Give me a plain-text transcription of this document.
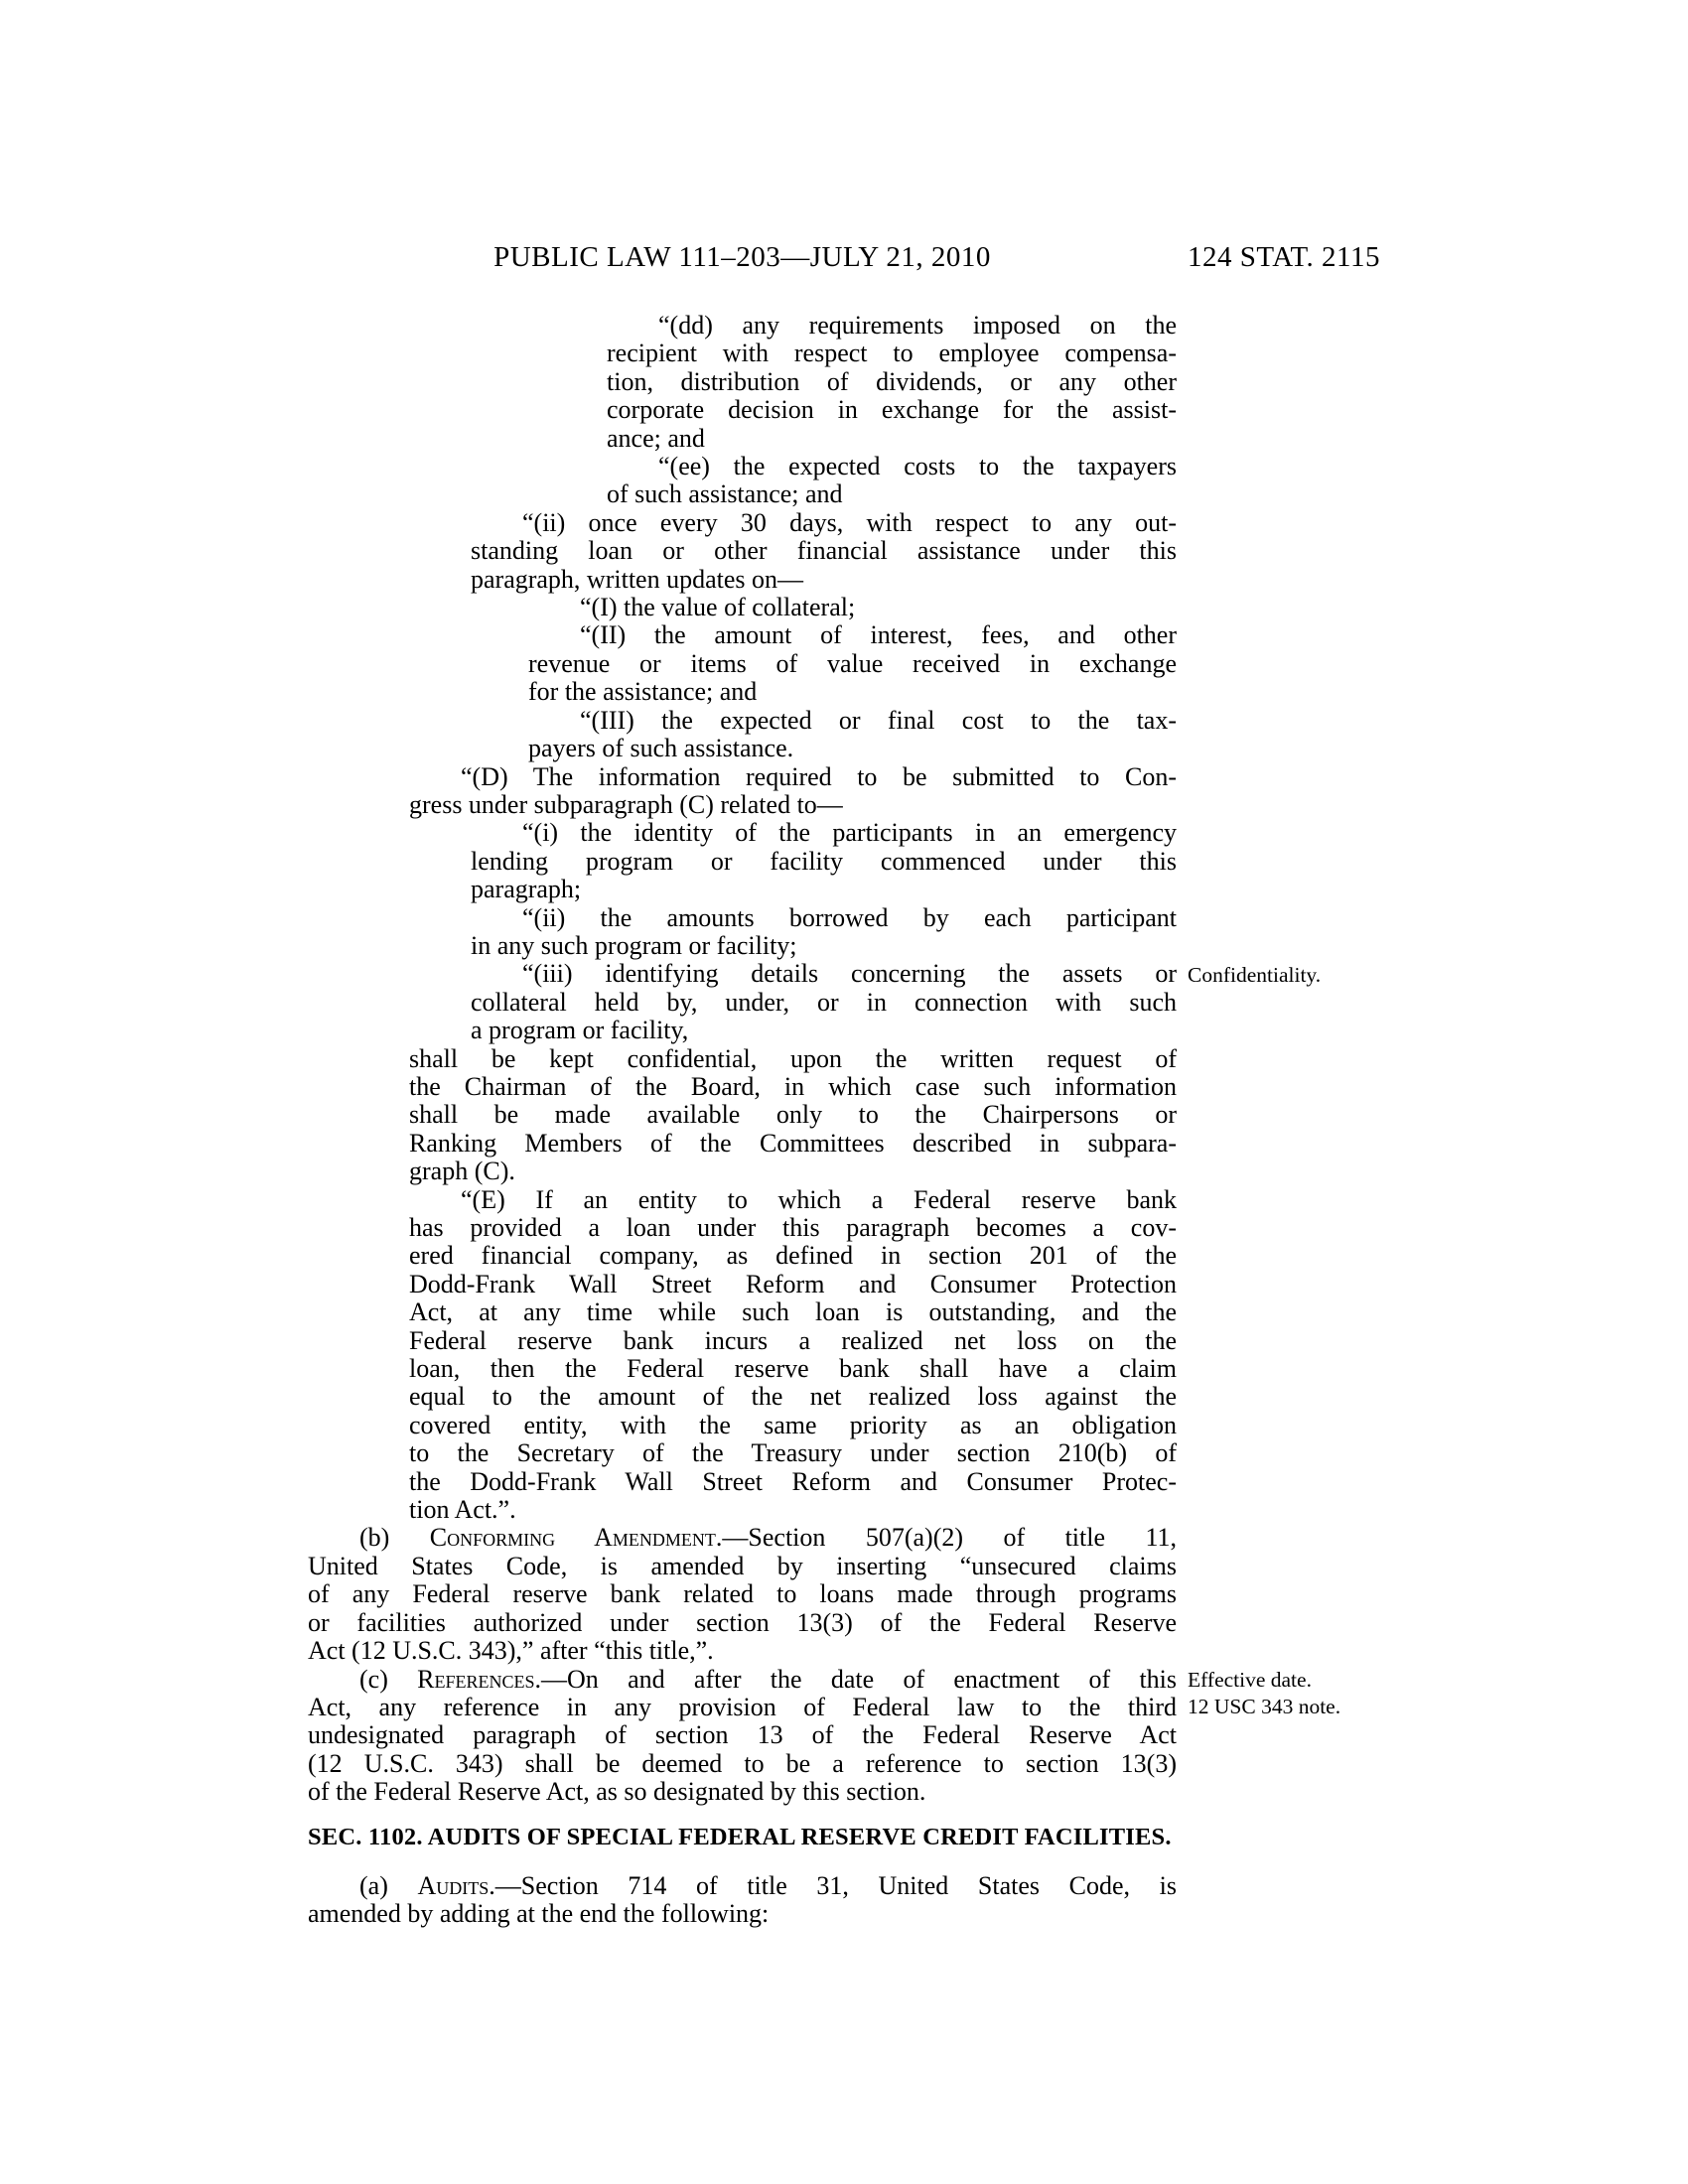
PUBLIC LAW 111–203—JULY 21, 2010	124 STAT. 2115
“(dd) any requirements imposed on the
recipient with respect to employee compensa-
tion, distribution of dividends, or any other
corporate decision in exchange for the assist-
ance; and
“(ee) the expected costs to the taxpayers
of such assistance; and
“(ii) once every 30 days, with respect to any out-
standing loan or other financial assistance under this
paragraph, written updates on—
“(I) the value of collateral;
“(II) the amount of interest, fees, and other
revenue or items of value received in exchange
for the assistance; and
“(III) the expected or final cost to the tax-
payers of such assistance.
“(D) The information required to be submitted to Con-
gress under subparagraph (C) related to—
“(i) the identity of the participants in an emergency
lending program or facility commenced under this
paragraph;
“(ii) the amounts borrowed by each participant
in any such program or facility;
“(iii) identifying details concerning the assets or
collateral held by, under, or in connection with such
a program or facility,
shall be kept confidential, upon the written request of
the Chairman of the Board, in which case such information
shall be made available only to the Chairpersons or
Ranking Members of the Committees described in subpara-
graph (C).
“(E) If an entity to which a Federal reserve bank
has provided a loan under this paragraph becomes a cov-
ered financial company, as defined in section 201 of the
Dodd-Frank Wall Street Reform and Consumer Protection
Act, at any time while such loan is outstanding, and the
Federal reserve bank incurs a realized net loss on the
loan, then the Federal reserve bank shall have a claim
equal to the amount of the net realized loss against the
covered entity, with the same priority as an obligation
to the Secretary of the Treasury under section 210(b) of
the Dodd-Frank Wall Street Reform and Consumer Protec-
tion Act.”.
(b) Conforming Amendment.—Section 507(a)(2) of title 11,
United States Code, is amended by inserting “unsecured claims
of any Federal reserve bank related to loans made through programs
or facilities authorized under section 13(3) of the Federal Reserve
Act (12 U.S.C. 343),” after “this title,”.
(c) References.—On and after the date of enactment of this
Act, any reference in any provision of Federal law to the third
undesignated paragraph of section 13 of the Federal Reserve Act
(12 U.S.C. 343) shall be deemed to be a reference to section 13(3)
of the Federal Reserve Act, as so designated by this section.
SEC. 1102. AUDITS OF SPECIAL FEDERAL RESERVE CREDIT FACILITIES.
(a) Audits.—Section 714 of title 31, United States Code, is
amended by adding at the end the following:
Confidentiality.
Effective date.
12 USC 343 note.
